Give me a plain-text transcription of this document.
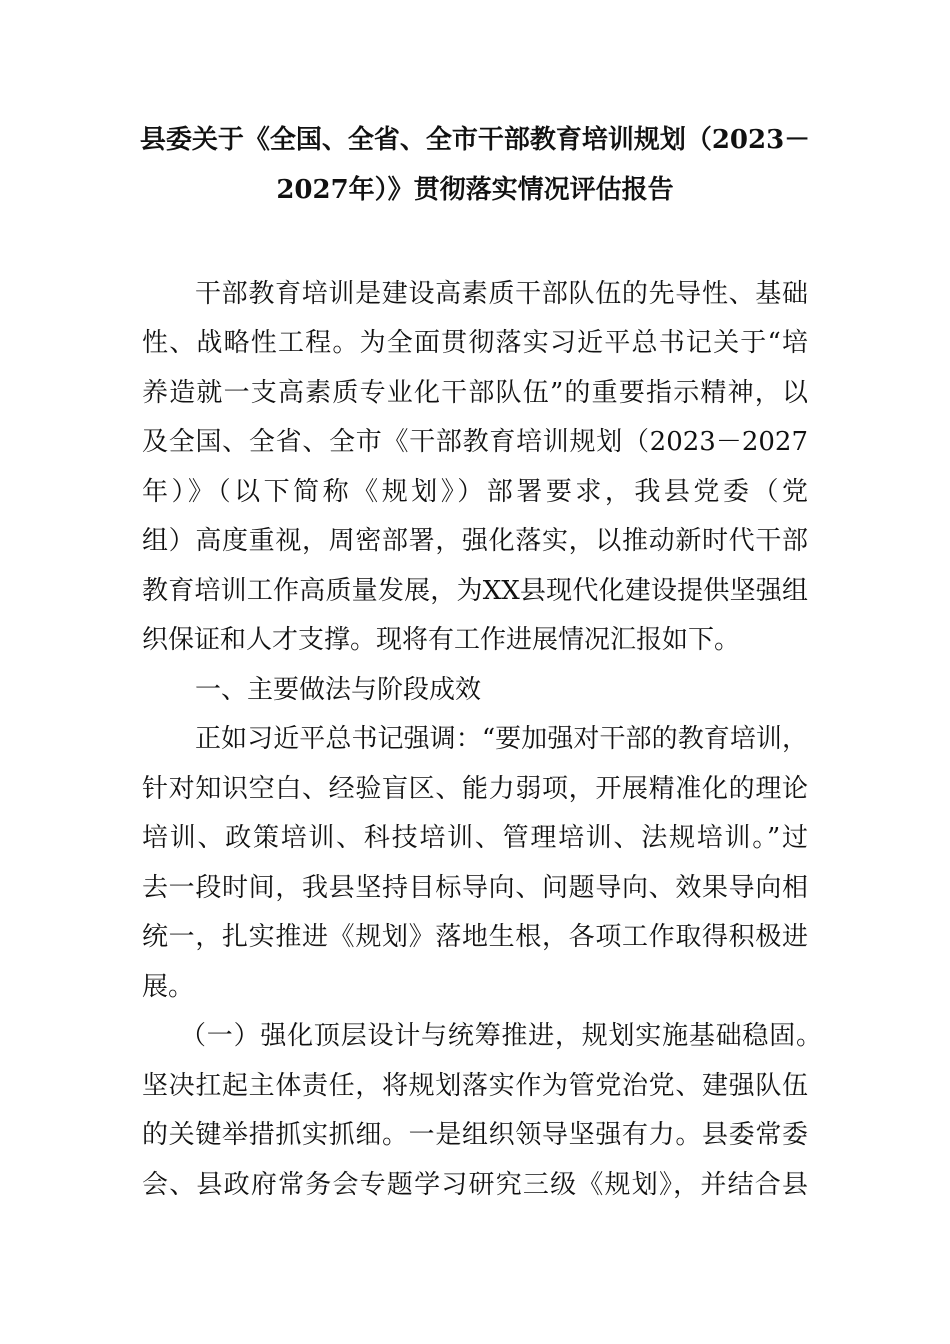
县委关于《全国、全省、全市干部教育培训规划（2023－
2027年）》贯彻落实情况评估报告
干部教育培训是建设高素质干部队伍的先导性、基础
性、战略性工程。为全面贯彻落实习近平总书记关于“培
养造就一支高素质专业化干部队伍”的重要指示精神，以
及全国、全省、全市《干部教育培训规划（2023－2027
年）》（以下简称《规划》）部署要求，我县党委（党
组）高度重视，周密部署，强化落实，以推动新时代干部
教育培训工作高质量发展，为XX县现代化建设提供坚强组
织保证和人才支撑。现将有工作进展情况汇报如下。
一、主要做法与阶段成效
正如习近平总书记强调：“要加强对干部的教育培训，
针对知识空白、经验盲区、能力弱项，开展精准化的理论
培训、政策培训、科技培训、管理培训、法规培训。”过
去一段时间，我县坚持目标导向、问题导向、效果导向相
统一，扎实推进《规划》落地生根，各项工作取得积极进
展。
（一）强化顶层设计与统筹推进，规划实施基础稳固。
坚决扛起主体责任，将规划落实作为管党治党、建强队伍
的关键举措抓实抓细。一是组织领导坚强有力。县委常委
会、县政府常务会专题学习研究三级《规划》，并结合县
